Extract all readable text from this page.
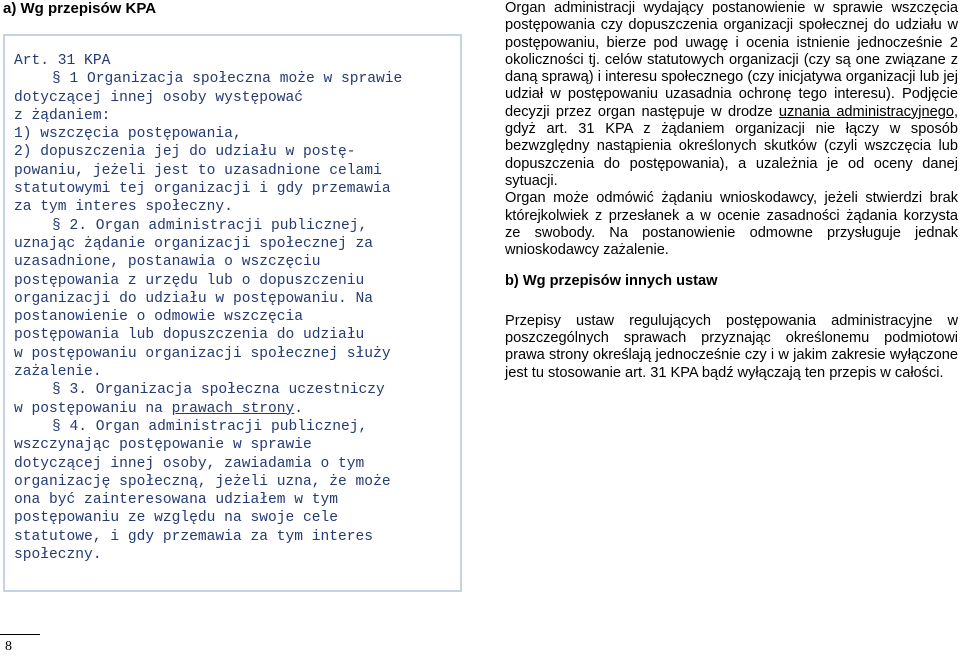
a) Wg przepisów KPA

Art. 31 KPA

§ 1 Organizacja społeczna może w sprawie

dotyczącej innej osoby występować

z żądaniem:

1) wszczęcia postępowania,

2) dopuszczenia jej do udziału w postę-

powaniu, jeżeli jest to uzasadnione celami

statutowymi tej organizacji i gdy przemawia

za tym interes społeczny.

§ 2. Organ administracji publicznej,

uznając żądanie organizacji społecznej za

uzasadnione, postanawia o wszczęciu

postępowania z urzędu lub o dopuszczeniu

organizacji do udziału w postępowaniu. Na

postanowienie o odmowie wszczęcia

postępowania lub dopuszczenia do udziału

w postępowaniu organizacji społecznej służy

zażalenie.

§ 3. Organizacja społeczna uczestniczy

w postępowaniu na prawach strony.

§ 4. Organ administracji publicznej,

wszczynając postępowanie w sprawie

dotyczącej innej osoby, zawiadamia o tym

organizację społeczną, jeżeli uzna, że może

ona być zainteresowana udziałem w tym

postępowaniu ze względu na swoje cele

statutowe, i gdy przemawia za tym interes

społeczny.

Organ administracji wydający postanowienie w sprawie wszczęcia postępowania czy dopuszczenia organizacji społecznej do udziału w postępowaniu, bierze pod uwagę i ocenia istnienie jednocześnie 2 okoliczności tj. celów statutowych organizacji (czy są one związane z daną sprawą) i interesu społecznego (czy inicjatywa organizacji lub jej udział w postępowaniu uzasadnia ochronę tego interesu). Podjęcie decyzji przez organ następuje w drodze uznania administracyjnego, gdyż art. 31 KPA z żądaniem organizacji nie łączy w sposób bezwzględny nastąpienia określonych skutków (czyli wszczęcia lub dopuszczenia do postępowania), a uzależnia je od oceny danej sytuacji.

Organ może odmówić żądaniu wnioskodawcy, jeżeli stwierdzi brak którejkolwiek z przesłanek a w ocenie zasadności żądania korzysta ze swobody. Na postanowienie odmowne przysługuje jednak wnioskodawcy zażalenie.

b) Wg przepisów innych ustaw

Przepisy ustaw regulujących postępowania administracyjne w poszczególnych sprawach przyznając określonemu podmiotowi prawa strony określają jednocześnie czy i w jakim zakresie wyłączone jest tu stosowanie art. 31 KPA bądź wyłączają ten przepis w całości.

8
